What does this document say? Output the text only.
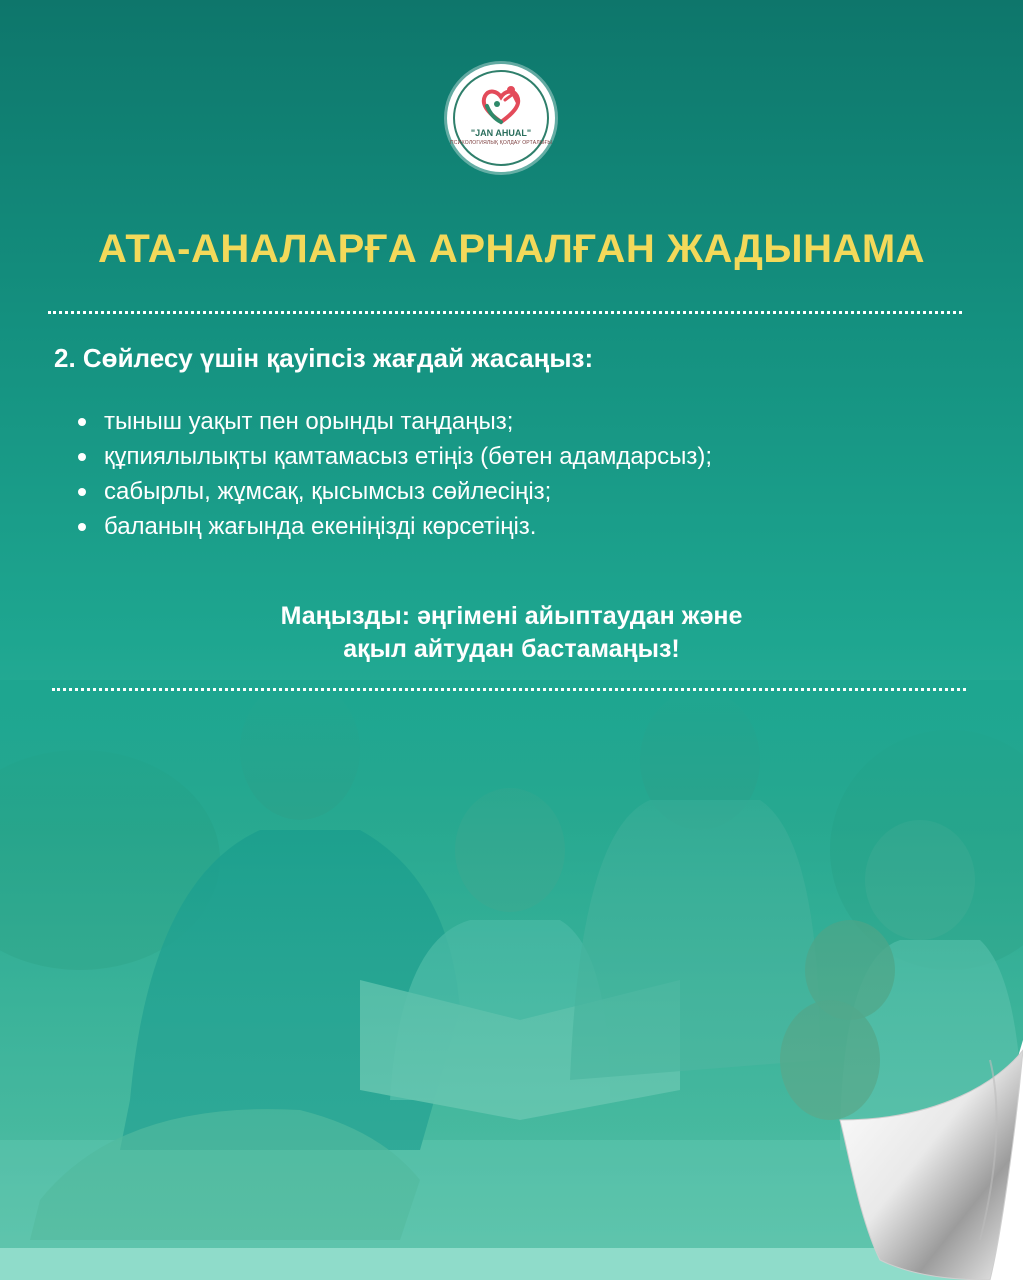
"JAN AHUAL"
ПСИХОЛОГИЯЛЫҚ ҚОЛДАУ ОРТАЛЫҒЫ
АТА-АНАЛАРҒА АРНАЛҒАН ЖАДЫНАМА
2. Сөйлесу үшін қауіпсіз жағдай жасаңыз:
тыныш уақыт пен орынды таңдаңыз;
құпиялылықты қамтамасыз етіңіз (бөтен адамдарсыз);
сабырлы, жұмсақ, қысымсыз сөйлесіңіз;
баланың жағында екеніңізді көрсетіңіз.
Маңызды: әңгімені айыптаудан және
ақыл айтудан бастамаңыз!
